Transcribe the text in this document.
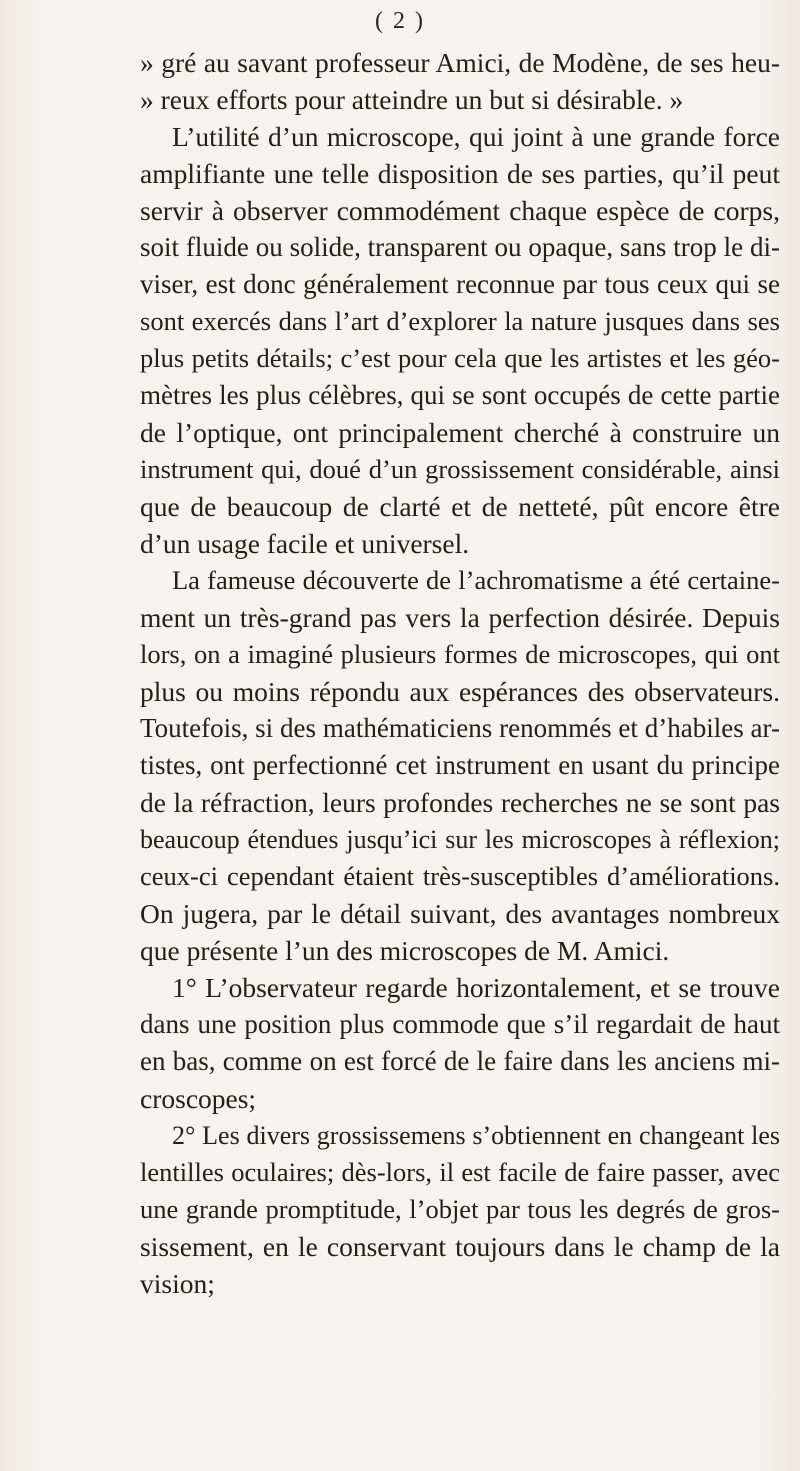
( 2 )
» gré au savant professeur Amici, de Modène, de ses heu-
» reux efforts pour atteindre un but si désirable. »
L’utilité d’un microscope, qui joint à une grande force
amplifiante une telle disposition de ses parties, qu’il peut
servir à observer commodément chaque espèce de corps,
soit fluide ou solide, transparent ou opaque, sans trop le di-
viser, est donc généralement reconnue par tous ceux qui se
sont exercés dans l’art d’explorer la nature jusques dans ses
plus petits détails; c’est pour cela que les artistes et les géo-
mètres les plus célèbres, qui se sont occupés de cette partie
de l’optique, ont principalement cherché à construire un
instrument qui, doué d’un grossissement considérable, ainsi
que de beaucoup de clarté et de netteté, pût encore être
d’un usage facile et universel.
La fameuse découverte de l’achromatisme a été certaine-
ment un très-grand pas vers la perfection désirée. Depuis
lors, on a imaginé plusieurs formes de microscopes, qui ont
plus ou moins répondu aux espérances des observateurs.
Toutefois, si des mathématiciens renommés et d’habiles ar-
tistes, ont perfectionné cet instrument en usant du principe
de la réfraction, leurs profondes recherches ne se sont pas
beaucoup étendues jusqu’ici sur les microscopes à réflexion;
ceux-ci cependant étaient très-susceptibles d’améliorations.
On jugera, par le détail suivant, des avantages nombreux
que présente l’un des microscopes de M. Amici.
1° L’observateur regarde horizontalement, et se trouve
dans une position plus commode que s’il regardait de haut
en bas, comme on est forcé de le faire dans les anciens mi-
croscopes;
2° Les divers grossissemens s’obtiennent en changeant les
lentilles oculaires; dès-lors, il est facile de faire passer, avec
une grande promptitude, l’objet par tous les degrés de gros-
sissement, en le conservant toujours dans le champ de la
vision;
